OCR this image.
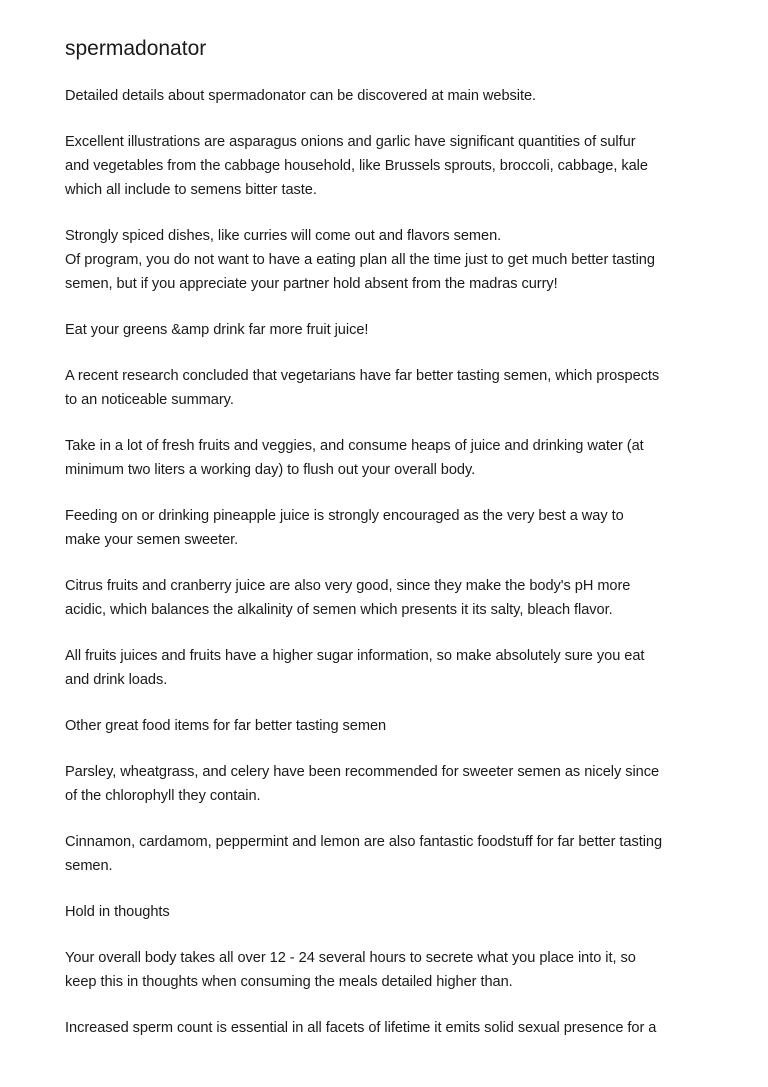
spermadonator

Detailed details about spermadonator can be discovered at main website.

Excellent illustrations are asparagus onions and garlic have significant quantities of sulfur
and vegetables from the cabbage household, like Brussels sprouts, broccoli, cabbage, kale
which all include to semens bitter taste.

Strongly spiced dishes, like curries will come out and flavors semen.
Of program, you do not want to have a eating plan all the time just to get much better tasting
semen, but if you appreciate your partner hold absent from the madras curry!

Eat your greens &amp drink far more fruit juice!

A recent research concluded that vegetarians have far better tasting semen, which prospects
to an noticeable summary.

Take in a lot of fresh fruits and veggies, and consume heaps of juice and drinking water (at
minimum two liters a working day) to flush out your overall body.

Feeding on or drinking pineapple juice is strongly encouraged as the very best a way to
make your semen sweeter.

Citrus fruits and cranberry juice are also very good, since they make the body's pH more
acidic, which balances the alkalinity of semen which presents it its salty, bleach flavor.

All fruits juices and fruits have a higher sugar information, so make absolutely sure you eat
and drink loads.

Other great food items for far better tasting semen

Parsley, wheatgrass, and celery have been recommended for sweeter semen as nicely since
of the chlorophyll they contain.

Cinnamon, cardamom, peppermint and lemon are also fantastic foodstuff for far better tasting
semen.

Hold in thoughts

Your overall body takes all over 12 - 24 several hours to secrete what you place into it, so
keep this in thoughts when consuming the meals detailed higher than.

Increased sperm count is essential in all facets of lifetime it emits solid sexual presence for a
